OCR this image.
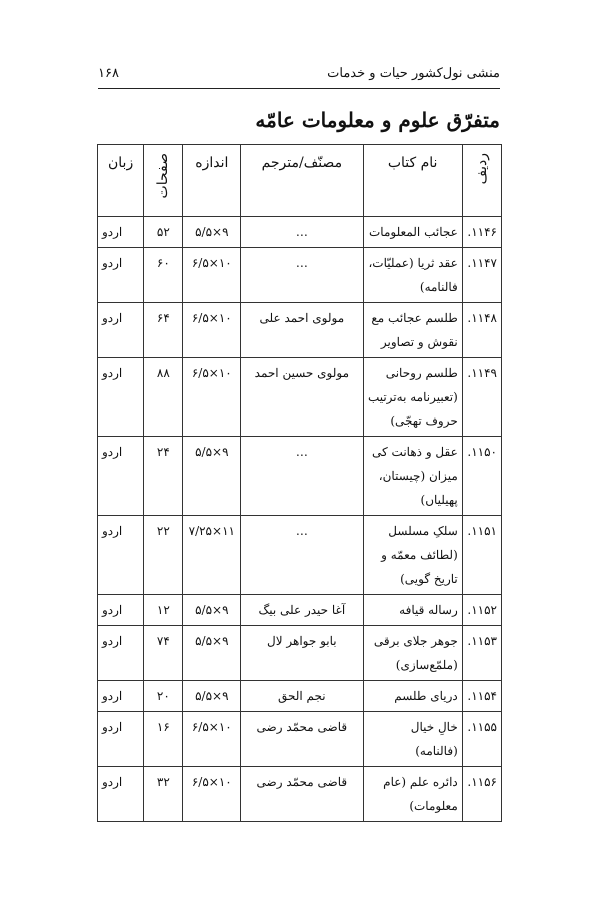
منشی نول‌کشور حیات و خدمات
۱۶۸
متفرّق علوم و معلومات عامّه
ردیف	نام کتاب	مصنّف/مترجم	اندازه	صفحات	زبان
۱۱۴۶.	عجائب المعلومات	…	۹×۵/۵	۵۲	اردو
۱۱۴۷.	عقد ثریا (عملیّات، فالنامه)	…	۱۰×۶/۵	۶۰	اردو
۱۱۴۸.	طلسم عجائب مع نقوش و تصاویر	مولوی احمد علی	۱۰×۶/۵	۶۴	اردو
۱۱۴۹.	طلسم روحانی (تعبیرنامه به‌ترتیب حروف تهجّی)	مولوی حسین احمد	۱۰×۶/۵	۸۸	اردو
۱۱۵۰.	عقل و ذهانت کی میزان (چیستان، پهیلیاں)	…	۹×۵/۵	۲۴	اردو
۱۱۵۱.	سلکِ مسلسل (لطائف معمّه و تاریخ گویی)	…	۱۱×۷/۲۵	۲۲	اردو
۱۱۵۲.	رساله قیافه	آغا حیدر علی بیگ	۹×۵/۵	۱۲	اردو
۱۱۵۳.	جوهر جلای برقی (ملمّع‌سازی)	بابو جواهر لال	۹×۵/۵	۷۴	اردو
۱۱۵۴.	دریای طلسم	نجم الحق	۹×۵/۵	۲۰	اردو
۱۱۵۵.	خالِ خیال (فالنامه)	قاضی محمّد رضی	۱۰×۶/۵	۱۶	اردو
۱۱۵۶.	دائره علم (عام معلومات)	قاضی محمّد رضی	۱۰×۶/۵	۳۲	اردو
